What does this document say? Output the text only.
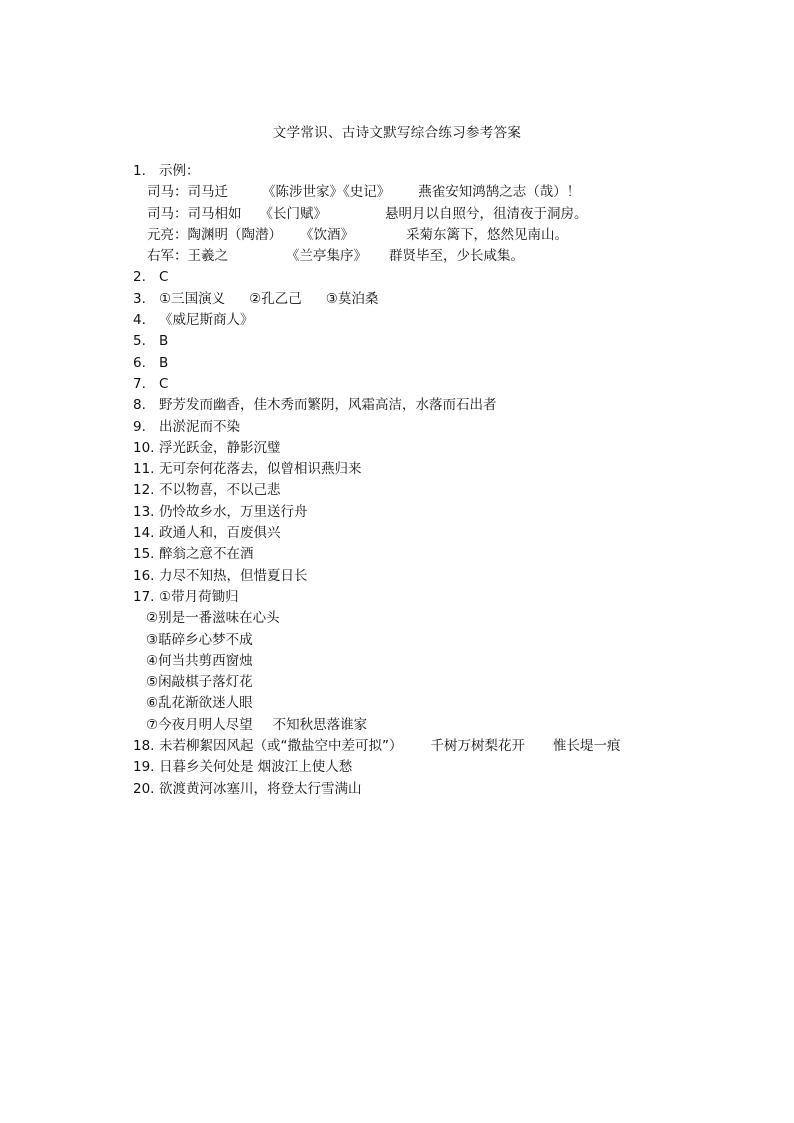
文学常识、古诗文默写综合练习参考答案
1. 示例：
司马：司马迁	《陈涉世家》《史记》 燕雀安知鸿鹄之志（哉）！
司马：司马相如 《长门赋》	悬明月以自照兮，徂清夜于洞房。
元亮：陶渊明（陶潜） 《饮酒》	采菊东篱下，悠然见南山。
右军：王羲之	《兰亭集序》 群贤毕至，少长咸集。
2. C
3. ①三国演义 ②孔乙己 ③莫泊桑
4. 《威尼斯商人》
5. B
6. B
7. C
8. 野芳发而幽香，佳木秀而繁阴，风霜高洁，水落而石出者
9. 出淤泥而不染
10. 浮光跃金，静影沉璧
11. 无可奈何花落去，似曾相识燕归来
12. 不以物喜，不以己悲
13. 仍怜故乡水，万里送行舟
14. 政通人和，百废俱兴
15. 醉翁之意不在酒
16. 力尽不知热，但惜夏日长
17. ①带月荷锄归
②别是一番滋味在心头
③聒碎乡心梦不成
④何当共剪西窗烛
⑤闲敲棋子落灯花
⑥乱花渐欲迷人眼
⑦今夜月明人尽望 不知秋思落谁家
18. 未若柳絮因风起（或“撒盐空中差可拟”） 千树万树梨花开 惟长堤一痕
19. 日暮乡关何处是 烟波江上使人愁
20. 欲渡黄河冰塞川，将登太行雪满山
